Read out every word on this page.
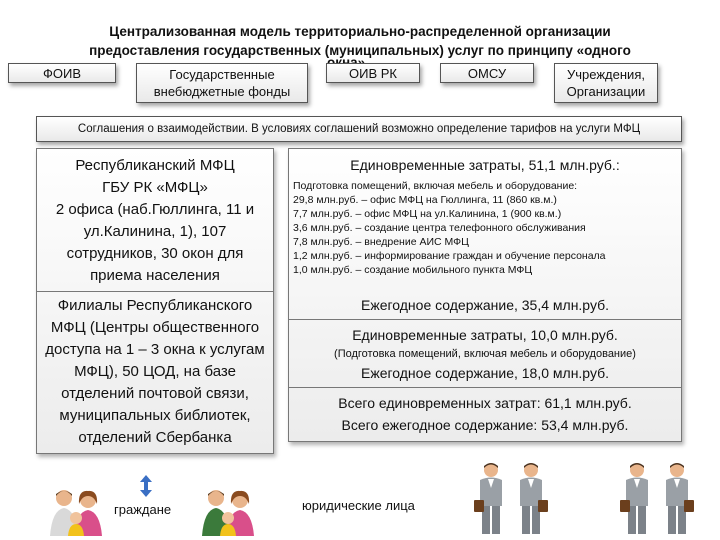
Централизованная модель территориально-распределенной организации
предоставления государственных (муниципальных) услуг по принципу «одного
ФОИВ	Государственные
внебюджетные фонды
ОИВ РК	ОМСУ	Учреждения,
Организации
Соглашения о взаимодействии. В условиях соглашений возможно определение тарифов на услуги МФЦ
Республиканский МФЦ
ГБУ РК «МФЦ»
2 офиса (наб.Гюллинга, 11 и
ул.Калинина, 1), 107
сотрудников, 30 окон для
приема населения
Филиалы Республиканского
МФЦ (Центры общественного
доступа на 1 – 3 окна к услугам
МФЦ), 50 ЦОД, на базе
отделений почтовой связи,
муниципальных библиотек,
отделений Сбербанка
Единовременные затраты, 51,1 млн.руб.:
Подготовка помещений, включая мебель и оборудование:
29,8 млн.руб. – офис МФЦ на Гюллинга, 11 (860 кв.м.)
7,7 млн.руб. – офис МФЦ на ул.Калинина, 1 (900 кв.м.)
3,6 млн.руб. – создание центра телефонного обслуживания
7,8 млн.руб. – внедрение АИС МФЦ
1,2 млн.руб. – информирование граждан и обучение персонала
1,0 млн.руб. – создание мобильного пункта МФЦ
Ежегодное содержание, 35,4 млн.руб.
Единовременные затраты, 10,0 млн.руб.
(Подготовка помещений, включая мебель и оборудование)
Ежегодное содержание, 18,0 млн.руб.
Всего единовременных затрат: 61,1 млн.руб.
Всего ежегодное содержание: 53,4 млн.руб.
граждане	юридические лица
